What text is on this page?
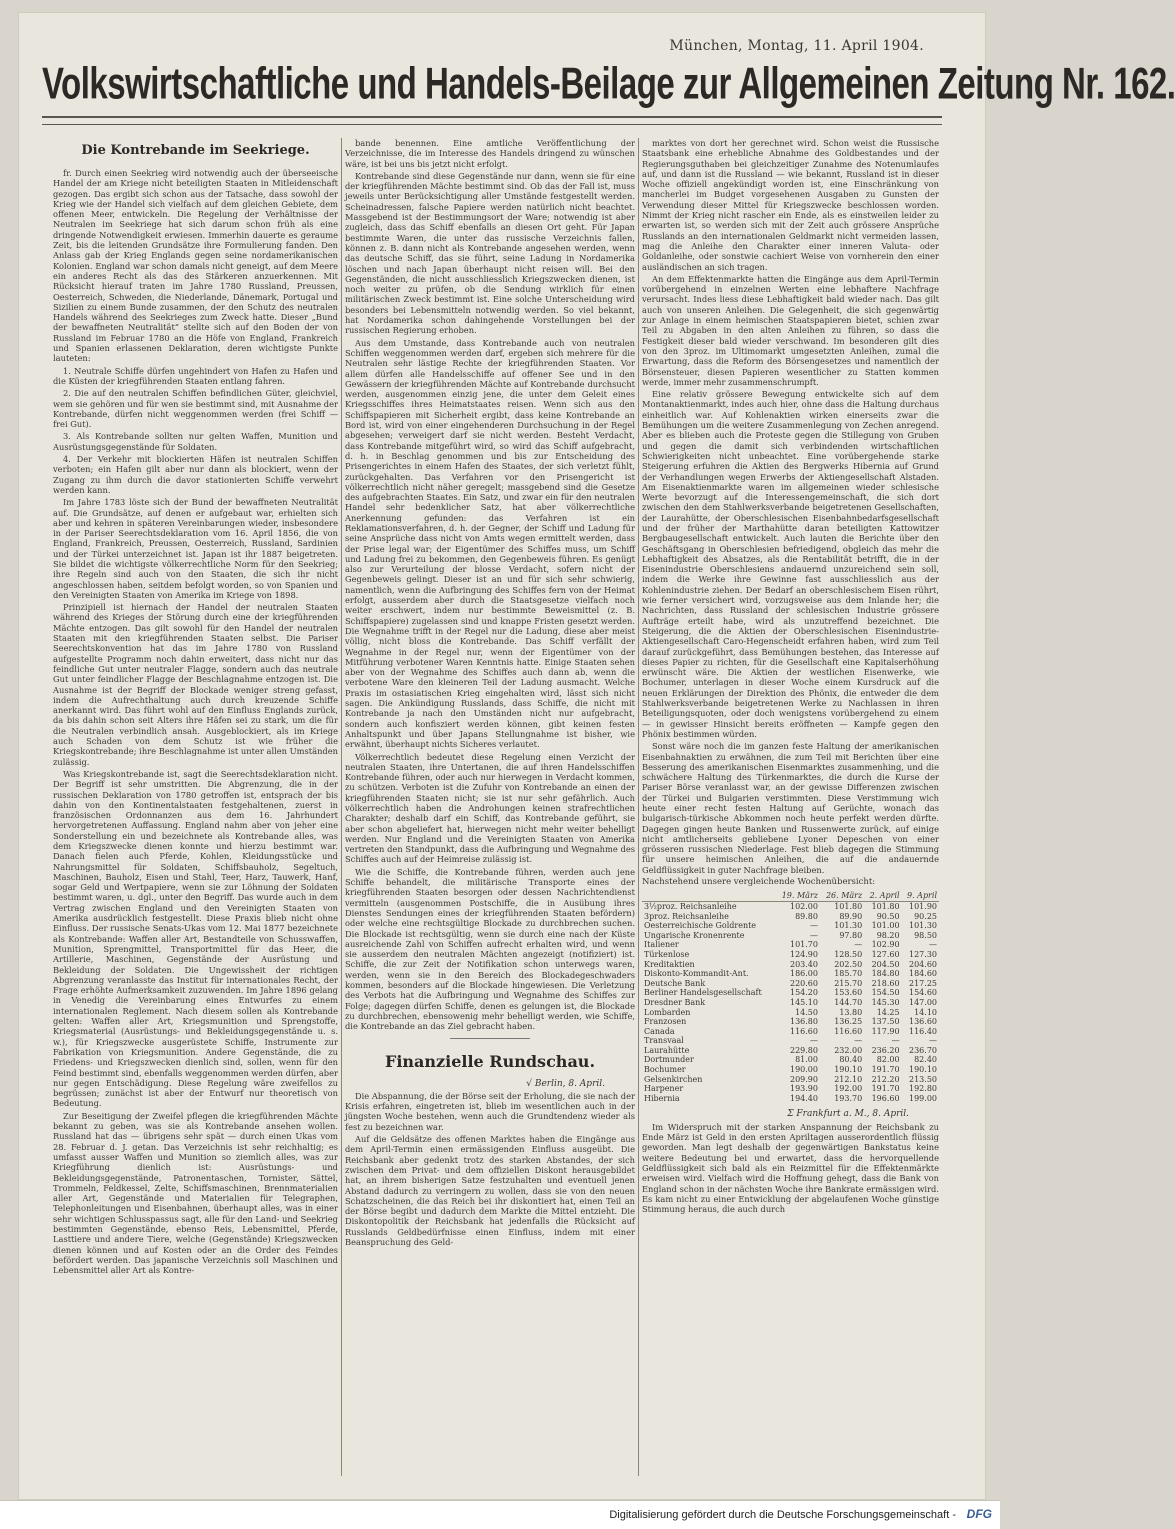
München, Montag, 11. April 1904.
Volkswirtschaftliche und Handels-Beilage zur Allgemeinen Zeitung Nr. 162.
Die Kontrebande im Seekriege.

fr. Durch einen Seekrieg wird notwendig auch der überseeische Handel der am Kriege nicht beteiligten Staaten in Mitleidenschaft gezogen. Das ergibt sich schon aus der Tatsache, dass sowohl der Krieg wie der Handel sich vielfach auf dem gleichen Gebiete, dem offenen Meer, entwickeln. Die Regelung der Verhältnisse der Neutralen im Seekriege hat sich darum schon früh als eine dringende Notwendigkeit erwiesen. Immerhin dauerte es geraume Zeit, bis die leitenden Grundsätze ihre Formulierung fanden. Den Anlass gab der Krieg Englands gegen seine nordamerikanischen Kolonien. England war schon damals nicht geneigt, auf dem Meere ein anderes Recht als das des Stärkeren anzuerkennen. Mit Rücksicht hierauf traten im Jahre 1780 Russland, Preussen, Oesterreich, Schweden, die Niederlande, Dänemark, Portugal und Sizilien zu einem Bunde zusammen, der den Schutz des neutralen Handels während des Seekrieges zum Zweck hatte. Dieser „Bund der bewaffneten Neutralität“ stellte sich auf den Boden der von Russland im Februar 1780 an die Höfe von England, Frankreich und Spanien erlassenen Deklaration, deren wichtigste Punkte lauteten:

1. Neutrale Schiffe dürfen ungehindert von Hafen zu Hafen und die Küsten der kriegführenden Staaten entlang fahren.

2. Die auf den neutralen Schiffen befindlichen Güter, gleichviel, wem sie gehören und für wen sie bestimmt sind, mit Ausnahme der Kontrebande, dürfen nicht weggenommen werden (frei Schiff — frei Gut).

3. Als Kontrebande sollten nur gelten Waffen, Munition und Ausrüstungsgegenstände für Soldaten.

4. Der Verkehr mit blockierten Häfen ist neutralen Schiffen verboten; ein Hafen gilt aber nur dann als blockiert, wenn der Zugang zu ihm durch die davor stationierten Schiffe verwehrt werden kann.

Im Jahre 1783 löste sich der Bund der bewaffneten Neutralität auf. Die Grundsätze, auf denen er aufgebaut war, erhielten sich aber und kehren in späteren Vereinbarungen wieder, insbesondere in der Pariser Seerechtsdeklaration vom 16. April 1856, die von England, Frankreich, Preussen, Oesterreich, Russland, Sardinien und der Türkei unterzeichnet ist. Japan ist ihr 1887 beigetreten. Sie bildet die wichtigste völkerrechtliche Norm für den Seekrieg; ihre Regeln sind auch von den Staaten, die sich ihr nicht angeschlossen haben, seitdem befolgt worden, so von Spanien und den Vereinigten Staaten von Amerika im Kriege von 1898.

Prinzipiell ist hiernach der Handel der neutralen Staaten während des Krieges der Störung durch eine der kriegführenden Mächte entzogen. Das gilt sowohl für den Handel der neutralen Staaten mit den kriegführenden Staaten selbst. Die Pariser Seerechtskonvention hat das im Jahre 1780 von Russland aufgestellte Programm noch dahin erweitert, dass nicht nur das feindliche Gut unter neutraler Flagge, sondern auch das neutrale Gut unter feindlicher Flagge der Beschlagnahme entzogen ist. Die Ausnahme ist der Begriff der Blockade weniger streng gefasst, indem die Aufrechthaltung auch durch kreuzende Schiffe anerkannt wird. Das führt wohl auf den Einfluss Englands zurück, da bis dahin schon seit Alters ihre Häfen sei zu stark, um die für die Neutralen verbindlich ansah. Ausgeblockiert, als im Kriege auch Schaden von dem Schutz ist wie früher die Kriegskontrebande; ihre Beschlagnahme ist unter allen Umständen zulässig.

Was Kriegskontrebande ist, sagt die Seerechtsdeklaration nicht. Der Begriff ist sehr umstritten. Die Abgrenzung, die in der russischen Deklaration von 1780 getroffen ist, entsprach der bis dahin von den Kontinentalstaaten festgehaltenen, zuerst in französischen Ordonnanzen aus dem 16. Jahrhundert hervorgetretenen Auffassung. England nahm aber von jeher eine Sonderstellung ein und bezeichnete als Kontrebande alles, was dem Kriegszwecke dienen konnte und hierzu bestimmt war. Danach fielen auch Pferde, Kohlen, Kleidungsstücke und Nahrungsmittel für Soldaten, Schiffsbauholz, Segeltuch, Maschinen, Bauholz, Eisen und Stahl, Teer, Harz, Tauwerk, Hanf, sogar Geld und Wertpapiere, wenn sie zur Löhnung der Soldaten bestimmt waren, u. dgl., unter den Begriff. Das wurde auch in dem Vertrag zwischen England und den Vereinigten Staaten von Amerika ausdrücklich festgestellt. Diese Praxis blieb nicht ohne Einfluss. Der russische Senats-Ukas vom 12. Mai 1877 bezeichnete als Kontrebande: Waffen aller Art, Bestandteile von Schusswaffen, Munition, Sprengmittel, Transportmittel für das Heer, die Artillerie, Maschinen, Gegenstände der Ausrüstung und Bekleidung der Soldaten. Die Ungewissheit der richtigen Abgrenzung veranlasste das Institut für internationales Recht, der Frage erhöhte Aufmerksamkeit zuzuwenden. Im Jahre 1896 gelang in Venedig die Vereinbarung eines Entwurfes zu einem internationalen Reglement. Nach diesem sollen als Kontrebande gelten: Waffen aller Art, Kriegsmunition und Sprengstoffe, Kriegsmaterial (Ausrüstungs- und Bekleidungsgegenstände u. s. w.), für Kriegszwecke ausgerüstete Schiffe, Instrumente zur Fabrikation von Kriegsmunition. Andere Gegenstände, die zu Friedens- und Kriegszwecken dienlich sind, sollen, wenn für den Feind bestimmt sind, ebenfalls weggenommen werden dürfen, aber nur gegen Entschädigung. Diese Regelung wäre zweifellos zu begrüssen; zunächst ist aber der Entwurf nur theoretisch von Bedeutung.

Zur Beseitigung der Zweifel pflegen die kriegführenden Mächte bekannt zu geben, was sie als Kontrebande ansehen wollen. Russland hat das — übrigens sehr spät — durch einen Ukas vom 28. Februar d. J. getan. Das Verzeichnis ist sehr reichhaltig; es umfasst ausser Waffen und Munition so ziemlich alles, was zur Kriegführung dienlich ist: Ausrüstungs- und Bekleidungsgegenstände, Patronentaschen, Tornister, Sättel, Trommeln, Feldkessel, Zelte, Schiffsmaschinen, Brennmaterialien aller Art, Gegenstände und Materialien für Telegraphen, Telephonleitungen und Eisenbahnen, überhaupt alles, was in einer sehr wichtigen Schlusspassus sagt, alle für den Land- und Seekrieg bestimmten Gegenstände, ebenso Reis, Lebensmittel, Pferde, Lasttiere und andere Tiere, welche (Gegenstände) Kriegszwecken dienen können und auf Kosten oder an die Order des Feindes befördert werden. Das japanische Verzeichnis soll Maschinen und Lebensmittel aller Art als Kontre-

bande benennen. Eine amtliche Veröffentlichung der Verzeichnisse, die im Interesse des Handels dringend zu wünschen wäre, ist bei uns bis jetzt nicht erfolgt.

Kontrebande sind diese Gegenstände nur dann, wenn sie für eine der kriegführenden Mächte bestimmt sind. Ob das der Fall ist, muss jeweils unter Berücksichtigung aller Umstände festgestellt werden. Scheinadressen, falsche Papiere werden natürlich nicht beachtet. Massgebend ist der Bestimmungsort der Ware; notwendig ist aber zugleich, dass das Schiff ebenfalls an diesen Ort geht. Für Japan bestimmte Waren, die unter das russische Verzeichnis fallen, können z. B. dann nicht als Kontrebande angesehen werden, wenn das deutsche Schiff, das sie führt, seine Ladung in Nordamerika löschen und nach Japan überhaupt nicht reisen will. Bei den Gegenständen, die nicht ausschliesslich Kriegszwecken dienen, ist noch weiter zu prüfen, ob die Sendung wirklich für einen militärischen Zweck bestimmt ist. Eine solche Unterscheidung wird besonders bei Lebensmitteln notwendig werden. So viel bekannt, hat Nordamerika schon dahingehende Vorstellungen bei der russischen Regierung erhoben.

Aus dem Umstande, dass Kontrebande auch von neutralen Schiffen weggenommen werden darf, ergeben sich mehrere für die Neutralen sehr lästige Rechte der kriegführenden Staaten. Vor allem dürfen alle Handelsschiffe auf offener See und in den Gewässern der kriegführenden Mächte auf Kontrebande durchsucht werden, ausgenommen einzig jene, die unter dem Geleit eines Kriegsschiffes ihres Heimatstaates reisen. Wenn sich aus den Schiffspapieren mit Sicherheit ergibt, dass keine Kontrebande an Bord ist, wird von einer eingehenderen Durchsuchung in der Regel abgesehen; verweigert darf sie nicht werden. Besteht Verdacht, dass Kontrebande mitgeführt wird, so wird das Schiff aufgebracht, d. h. in Beschlag genommen und bis zur Entscheidung des Prisengerichtes in einem Hafen des Staates, der sich verletzt fühlt, zurückgehalten. Das Verfahren vor den Prisengericht ist völkerrechtlich nicht näher geregelt; massgebend sind die Gesetze des aufgebrachten Staates. Ein Satz, und zwar ein für den neutralen Handel sehr bedenklicher Satz, hat aber völkerrechtliche Anerkennung gefunden: das Verfahren ist ein Reklamationsverfahren, d. h. der Gegner, der Schiff und Ladung für seine Ansprüche dass nicht von Amts wegen ermittelt werden, dass der Prise legal war; der Eigentümer des Schiffes muss, um Schiff und Ladung frei zu bekommen, den Gegenbeweis führen. Es genügt also zur Verurteilung der blosse Verdacht, sofern nicht der Gegenbeweis gelingt. Dieser ist an und für sich sehr schwierig, namentlich, wenn die Aufbringung des Schiffes fern von der Heimat erfolgt, ausserdem aber durch die Staatsgesetze vielfach noch weiter erschwert, indem nur bestimmte Beweismittel (z. B. Schiffspapiere) zugelassen sind und knappe Fristen gesetzt werden. Die Wegnahme trifft in der Regel nur die Ladung, diese aber meist völlig, nicht bloss die Kontrebande. Das Schiff verfällt der Wegnahme in der Regel nur, wenn der Eigentümer von der Mitführung verbotener Waren Kenntnis hatte. Einige Staaten sehen aber von der Wegnahme des Schiffes auch dann ab, wenn die verbotene Ware den kleineren Teil der Ladung ausmacht. Welche Praxis im ostasiatischen Krieg eingehalten wird, lässt sich nicht sagen. Die Ankündigung Russlands, dass Schiffe, die nicht mit Kontrebande ja nach den Umständen nicht nur aufgebracht, sondern auch konfisziert werden können, gibt keinen festen Anhaltspunkt und über Japans Stellungnahme ist bisher, wie erwähnt, überhaupt nichts Sicheres verlautet.

Völkerrechtlich bedeutet diese Regelung einen Verzicht der neutralen Staaten, ihre Untertanen, die auf ihren Handelsschiffen Kontrebande führen, oder auch nur hierwegen in Verdacht kommen, zu schützen. Verboten ist die Zufuhr von Kontrebande an einen der kriegführenden Staaten nicht; sie ist nur sehr gefährlich. Auch völkerrechtlich haben die Androhungen keinen strafrechtlichen Charakter; deshalb darf ein Schiff, das Kontrebande geführt, sie aber schon abgeliefert hat, hierwegen nicht mehr weiter behelligt werden. Nur England und die Vereinigten Staaten von Amerika vertreten den Standpunkt, dass die Aufbringung und Wegnahme des Schiffes auch auf der Heimreise zulässig ist.

Wie die Schiffe, die Kontrebande führen, werden auch jene Schiffe behandelt, die militärische Transporte eines der kriegführenden Staaten besorgen oder dessen Nachrichtendienst vermitteln (ausgenommen Postschiffe, die in Ausübung ihres Dienstes Sendungen eines der kriegführenden Staaten befördern) oder welche eine rechtsgültige Blockade zu durchbrechen suchen. Die Blockade ist rechtsgültig, wenn sie durch eine nach der Küste ausreichende Zahl von Schiffen aufrecht erhalten wird, und wenn sie ausserdem den neutralen Mächten angezeigt (notifiziert) ist. Schiffe, die zur Zeit der Notifikation schon unterwegs waren, werden, wenn sie in den Bereich des Blockadegeschwaders kommen, besonders auf die Blockade hingewiesen. Die Verletzung des Verbots hat die Aufbringung und Wegnahme des Schiffes zur Folge; dagegen dürfen Schiffe, denen es gelungen ist, die Blockade zu durchbrechen, ebensowenig mehr behelligt werden, wie Schiffe, die Kontrebande an das Ziel gebracht haben.

Finanzielle Rundschau.
√ Berlin, 8. April.

Die Abspannung, die der Börse seit der Erholung, die sie nach der Krisis erfahren, eingetreten ist, blieb im wesentlichen auch in der jüngsten Woche bestehen, wenn auch die Grundtendenz wieder als fest zu bezeichnen war.

Auf die Geldsätze des offenen Marktes haben die Eingänge aus dem April-Termin einen ermässigenden Einfluss ausgeübt. Die Reichsbank aber gedenkt trotz des starken Abstandes, der sich zwischen dem Privat- und dem offiziellen Diskont herausgebildet hat, an ihrem bisherigen Satze festzuhalten und eventuell jenen Abstand dadurch zu verringern zu wollen, dass sie von den neuen Schatzscheinen, die das Reich bei ihr diskontiert hat, einen Teil an der Börse begibt und dadurch dem Markte die Mittel entzieht. Die Diskontopolitik der Reichsbank hat jedenfalls die Rücksicht auf Russlands Geldbedürfnisse einen Einfluss, indem mit einer Beanspruchung des Geld-

marktes von dort her gerechnet wird. Schon weist die Russische Staatsbank eine erhebliche Abnahme des Goldbestandes und der Regierungsguthaben bei gleichzeitiger Zunahme des Notenumlaufes auf, und dann ist die Russland — wie bekannt, Russland ist in dieser Woche offiziell angekündigt worden ist, eine Einschränkung von mancherlei im Budget vorgesehenen Ausgaben zu Gunsten der Verwendung dieser Mittel für Kriegszwecke beschlossen worden. Nimmt der Krieg nicht rascher ein Ende, als es einstweilen leider zu erwarten ist, so werden sich mit der Zeit auch grössere Ansprüche Russlands an den internationalen Geldmarkt nicht vermeiden lassen, mag die Anleihe den Charakter einer inneren Valuta- oder Goldanleihe, oder sonstwie cachiert Weise von vornherein den einer ausländischen an sich tragen.

An dem Effektenmarkte hatten die Eingänge aus dem April-Termin vorübergehend in einzelnen Werten eine lebhaftere Nachfrage verursacht. Indes liess diese Lebhaftigkeit bald wieder nach. Das gilt auch von unseren Anleihen. Die Gelegenheit, die sich gegenwärtig zur Anlage in einem heimischen Staatspapieren bietet, schien zwar Teil zu Abgaben in den alten Anleihen zu führen, so dass die Festigkeit dieser bald wieder verschwand. Im besonderen gilt dies von den 3proz. im Ultimomarkt umgesetzten Anleihen, zumal die Erwartung, dass die Reform des Börsengesetzes und namentlich der Börsensteuer, diesen Papieren wesentlicher zu Statten kommen werde, immer mehr zusammenschrumpft.

Eine relativ grössere Bewegung entwickelte sich auf dem Montanaktienmarkt, indes auch hier, ohne dass die Haltung durchaus einheitlich war. Auf Kohlenaktien wirken einerseits zwar die Bemühungen um die weitere Zusammenlegung von Zechen anregend. Aber es blieben auch die Proteste gegen die Stillegung von Gruben und gegen die damit sich verbindenden wirtschaftlichen Schwierigkeiten nicht unbeachtet. Eine vorübergehende starke Steigerung erfuhren die Aktien des Bergwerks Hibernia auf Grund der Verhandlungen wegen Erwerbs der Aktiengesellschaft Alstaden. Am Eisenaktienmarkte waren im allgemeinen wieder schlesische Werte bevorzugt auf die Interessengemeinschaft, die sich dort zwischen den dem Stahlwerksverbande beigetretenen Gesellschaften, der Laurahütte, der Oberschlesischen Eisenbahnbedarfsgesellschaft und der früher der Marthahütte daran beteiligten Kattowitzer Bergbaugesellschaft entwickelt. Auch lauten die Berichte über den Geschäftsgang in Oberschlesien befriedigend, obgleich das mehr die Lebhaftigkeit des Absatzes, als die Rentabilität betrifft, die in der Eisenindustrie Oberschlesiens andauernd unzureichend sein soll, indem die Werke ihre Gewinne fast ausschliesslich aus der Kohlenindustrie ziehen. Der Bedarf an oberschlesischem Eisen rührt, wie ferner versichert wird, vorzugsweise aus dem Inlande her; die Nachrichten, dass Russland der schlesischen Industrie grössere Aufträge erteilt habe, wird als unzutreffend bezeichnet. Die Steigerung, die die Aktien der Oberschlesischen Eisenindustrie-Aktiengesellschaft Caro-Hegenscheidt erfahren haben, wird zum Teil darauf zurückgeführt, dass Bemühungen bestehen, das Interesse auf dieses Papier zu richten, für die Gesellschaft eine Kapitalserhöhung erwünscht wäre. Die Aktien der westlichen Eisenwerke, wie Bochumer, unterlagen in dieser Woche einem Kursdruck auf die neuen Erklärungen der Direktion des Phönix, die entweder die dem Stahlwerksverbande beigetretenen Werke zu Nachlassen in ihren Beteiligungsquoten, oder doch wenigstens vorübergehend zu einem — in gewisser Hinsicht bereits eröffneten — Kampfe gegen den Phönix bestimmen würden.

Sonst wäre noch die im ganzen feste Haltung der amerikanischen Eisenbahnaktien zu erwähnen, die zum Teil mit Berichten über eine Besserung des amerikanischen Eisenmarktes zusammenhing, und die schwächere Haltung des Türkenmarktes, die durch die Kurse der Pariser Börse veranlasst war, an der gewisse Differenzen zwischen der Türkei und Bulgarien verstimmten. Diese Verstimmung wich heute einer recht festen Haltung auf Gerüchte, wonach das bulgarisch-türkische Abkommen noch heute perfekt werden dürfte. Dagegen gingen heute Banken und Russenwerte zurück, auf einige nicht amtlicherseits gebliebene Lyoner Depeschen von einer grösseren russischen Niederlage. Fest blieb dagegen die Stimmung für unsere heimischen Anleihen, die auf die andauernde Geldflüssigkeit in guter Nachfrage bleiben.

Nachstehend unsere vergleichende Wochenübersicht:

	19. März	26. März	2. April	9. April
3½proz. Reichsanleihe	102.00	101.80	101.80	101.90
3proz. Reichsanleihe	89.80	89.90	90.50	90.25
Oesterreichische Goldrente	—	101.30	101.00	101.30
Ungarische Kronenrente	—	97.80	98.20	98.50
Italiener	101.70	—	102.90	—
Türkenlose	124.90	128.50	127.60	127.30
Kreditaktien	203.40	202.50	204.50	204.60
Diskonto-Kommandit-Ant.	186.00	185.70	184.80	184.60
Deutsche Bank	220.60	215.70	218.60	217.25
Berliner Handelsgesellschaft	154.20	153.60	154.50	154.60
Dresdner Bank	145.10	144.70	145.30	147.00
Lombarden	14.50	13.80	14.25	14.10
Franzosen	136.80	136.25	137.50	136.60
Canada	116.60	116.60	117.90	116.40
Transvaal	—	—	—	—
Laurahütte	229.80	232.00	236.20	236.70
Dortmunder	81.00	80.40	82.00	82.40
Bochumer	190.00	190.10	191.70	190.10
Gelsenkirchen	209.90	212.10	212.20	213.50
Harpener	193.90	192.00	191.70	192.80
Hibernia	194.40	193.70	196.60	199.00
Σ Frankfurt a. M., 8. April.

Im Widerspruch mit der starken Anspannung der Reichsbank zu Ende März ist Geld in den ersten Apriltagen ausserordentlich flüssig geworden. Man legt deshalb der gegenwärtigen Bankstatus keine weitere Bedeutung bei und erwartet, dass die hervorquellende Geldflüssigkeit sich bald als ein Reizmittel für die Effektenmärkte erweisen wird. Vielfach wird die Hoffnung gehegt, dass die Bank von England schon in der nächsten Woche ihre Bankrate ermässigen wird. Es kam nicht zu einer Entwicklung der abgelaufenen Woche günstige Stimmung heraus, die auch durch

Digitalisierung gefördert durch die Deutsche Forschungsgemeinschaft - DFG
